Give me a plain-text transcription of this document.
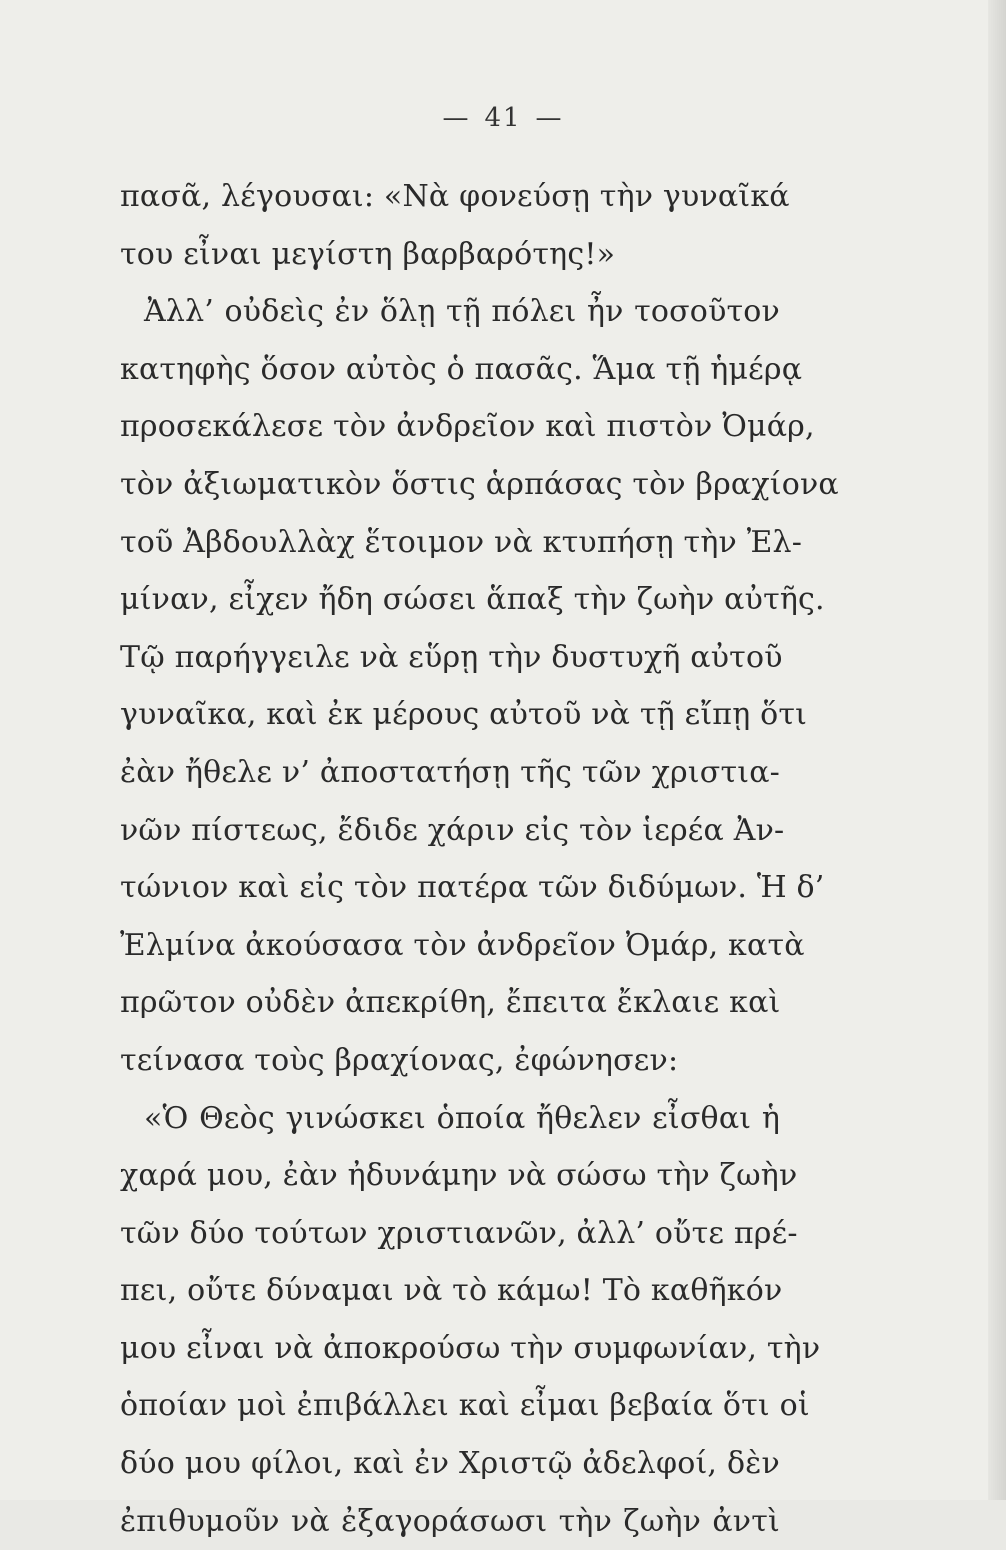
— 41 —
πασᾶ, λέγουσαι: «Νὰ φονεύσῃ τὴν γυναῖκά
του εἶναι μεγίστη βαρβαρότης!»
Ἀλλ’ οὐδεὶς ἐν ὅλῃ τῇ πόλει ἦν τοσοῦτον
κατηφὴς ὅσον αὐτὸς ὁ πασᾶς. Ἅμα τῇ ἡμέρᾳ
προσεκάλεσε τὸν ἀνδρεῖον καὶ πιστὸν Ὀμάρ,
τὸν ἀξιωματικὸν ὅστις ἁρπάσας τὸν βραχίονα
τοῦ Ἀβδουλλὰχ ἕτοιμον νὰ κτυπήσῃ τὴν Ἐλ-
μίναν, εἶχεν ἤδη σώσει ἅπαξ τὴν ζωὴν αὐτῆς.
Τῷ παρήγγειλε νὰ εὕρῃ τὴν δυστυχῆ αὐτοῦ
γυναῖκα, καὶ ἐκ μέρους αὐτοῦ νὰ τῇ εἴπῃ ὅτι
ἐὰν ἤθελε ν’ ἀποστατήσῃ τῆς τῶν χριστια-
νῶν πίστεως, ἔδιδε χάριν εἰς τὸν ἱερέα Ἀν-
τώνιον καὶ εἰς τὸν πατέρα τῶν διδύμων. Ἡ δ’
Ἐλμίνα ἀκούσασα τὸν ἀνδρεῖον Ὀμάρ, κατὰ
πρῶτον οὐδὲν ἀπεκρίθη, ἔπειτα ἔκλαιε καὶ
τείνασα τοὺς βραχίονας, ἐφώνησεν:
«Ὁ Θεὸς γινώσκει ὁποία ἤθελεν εἶσθαι ἡ
χαρά μου, ἐὰν ἠδυνάμην νὰ σώσω τὴν ζωὴν
τῶν δύο τούτων χριστιανῶν, ἀλλ’ οὔτε πρέ-
πει, οὔτε δύναμαι νὰ τὸ κάμω! Τὸ καθῆκόν
μου εἶναι νὰ ἀποκρούσω τὴν συμφωνίαν, τὴν
ὁποίαν μοὶ ἐπιβάλλει καὶ εἶμαι βεβαία ὅτι οἱ
δύο μου φίλοι, καὶ ἐν Χριστῷ ἀδελφοί, δὲν
ἐπιθυμοῦν νὰ ἐξαγοράσωσι τὴν ζωὴν ἀντὶ
